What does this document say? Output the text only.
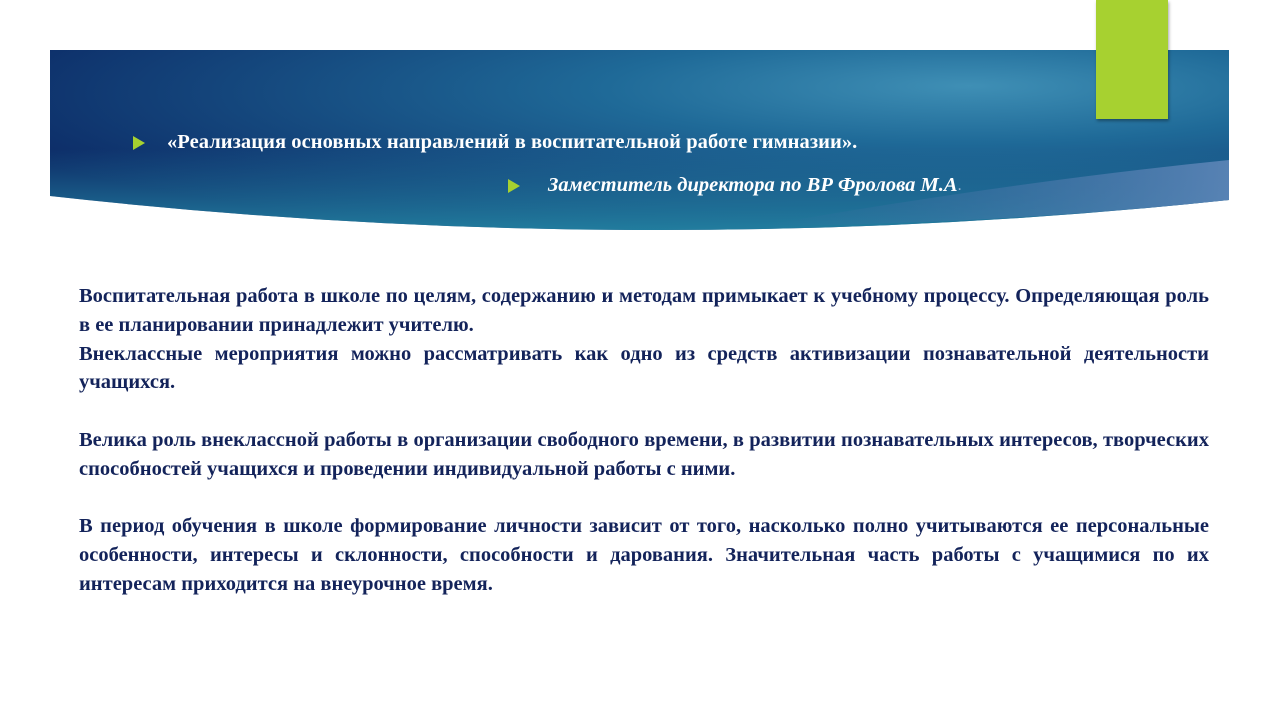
«Реализация основных направлений в воспитательной работе гимназии».
Заместитель директора по ВР Фролова М.А .

Воспитательная работа в школе по целям, содержанию и методам примыкает к учебному процессу. Определяющая роль в ее планировании принадлежит учителю.

Внеклассные мероприятия можно рассматривать как одно из средств активизации познавательной деятельности учащихся.

Велика роль внеклассной работы в организации свободного времени, в развитии познавательных интересов, творческих способностей учащихся и проведении индивидуальной работы с ними.

В период обучения в школе формирование личности зависит от того, насколько полно учитываются ее персональные особенности, интересы и склонности, способности и дарования. Значительная часть работы с учащимися по их интересам приходится на внеурочное время.
